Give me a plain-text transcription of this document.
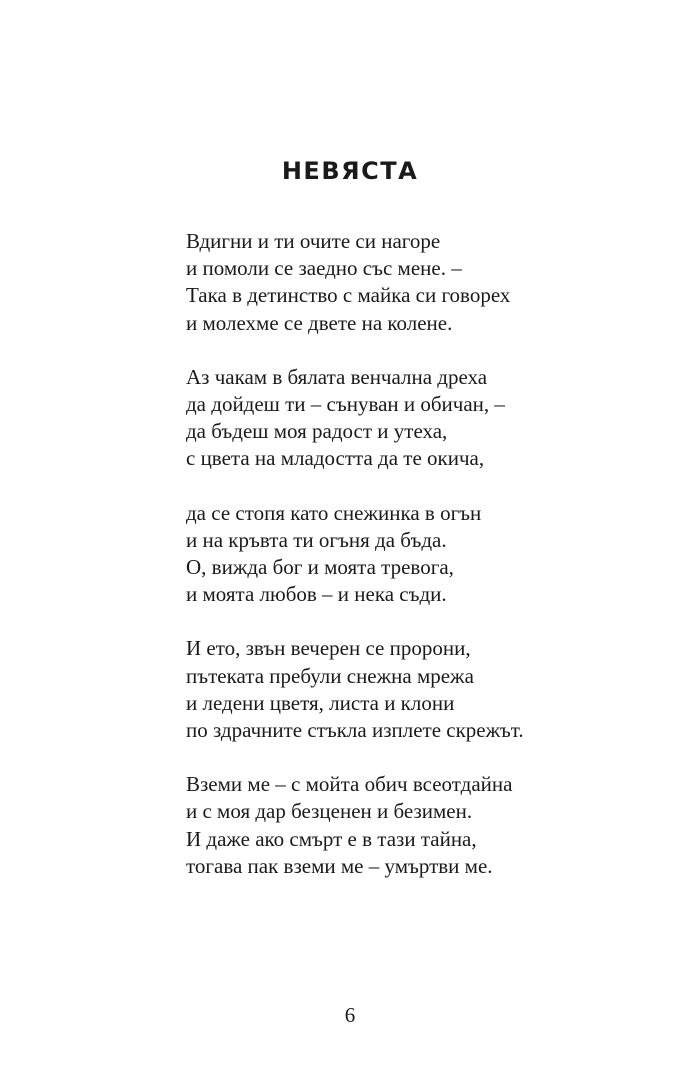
НЕВЯСТА
Вдигни и ти очите си нагоре
и помоли се заедно със мене. –
Така в детинство с майка си говорех
и молехме се двете на колене.
Аз чакам в бялата венчална дреха
да дойдеш ти – сънуван и обичан, –
да бъдеш моя радост и утеха,
с цвета на младостта да те окича,
да се стопя като снежинка в огън
и на кръвта ти огъня да бъда.
О, вижда бог и моята тревога,
и моята любов – и нека съди.
И ето, звън вечерен се пророни,
пътеката пребули снежна мрежа
и ледени цветя, листа и клони
по здрачните стъкла изплете скрежът.
Вземи ме – с мойта обич всеотдайна
и с моя дар безценен и безимен.
И даже ако смърт е в тази тайна,
тогава пак вземи ме – умъртви ме.
6
